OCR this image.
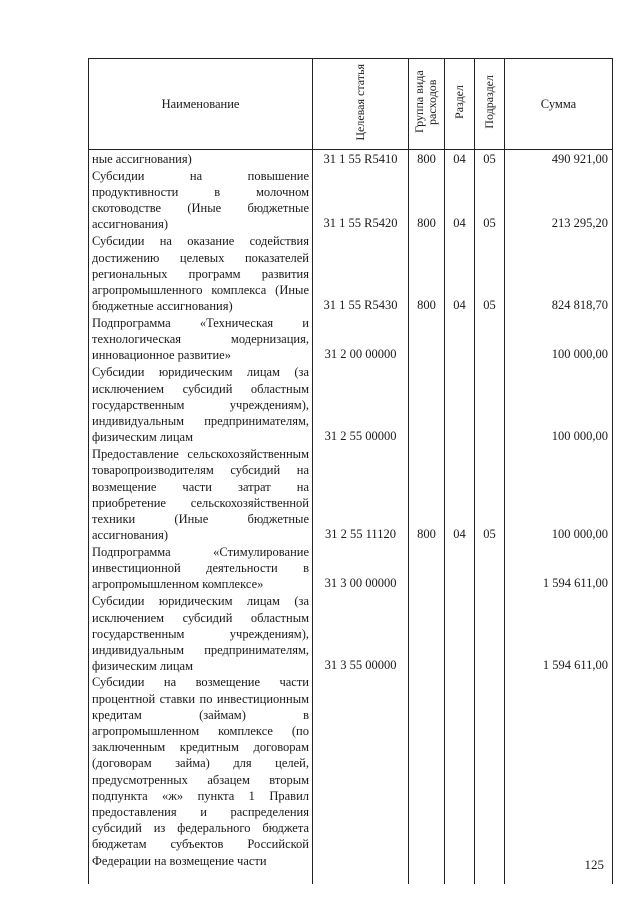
Наименование	Целевая статья	Группа вида расходов	Раздел	Подраздел	Сумма
ные ассигнования)	31 1 55 R5410	800	04	05	490 921,00
Субсидии на повышение продуктивности в молочном скотоводстве (Иные бюджетные ассигнования)	31 1 55 R5420	800	04	05	213 295,20
Субсидии на оказание содействия достижению целевых показателей региональных программ развития агропромышленного комплекса (Иные бюджетные ассигнования)	31 1 55 R5430	800	04	05	824 818,70
Подпрограмма «Техническая и технологическая модернизация, инновационное развитие»	31 2 00 00000				100 000,00
Субсидии юридическим лицам (за исключением субсидий областным государственным учреждениям), индивидуальным предпринимателям, физическим лицам	31 2 55 00000				100 000,00
Предоставление сельскохозяйственным товаропроизводителям субсидий на возмещение части затрат на приобретение сельскохозяйственной техники (Иные бюджетные ассигнования)	31 2 55 11120	800	04	05	100 000,00
Подпрограмма «Стимулирование инвестиционной деятельности в агропромышленном комплексе»	31 3 00 00000				1 594 611,00
Субсидии юридическим лицам (за исключением субсидий областным государственным учреждениям), индивидуальным предпринимателям, физическим лицам	31 3 55 00000				1 594 611,00
Субсидии на возмещение части процентной ставки по инвестиционным кредитам (займам) в агропромышленном комплексе (по заключенным кредитным договорам (договорам займа) для целей, предусмотренных абзацем вторым подпункта «ж» пункта 1 Правил предоставления и распределения субсидий из федерального бюджета бюджетам субъектов Российской Федерации на возмещение части						125
